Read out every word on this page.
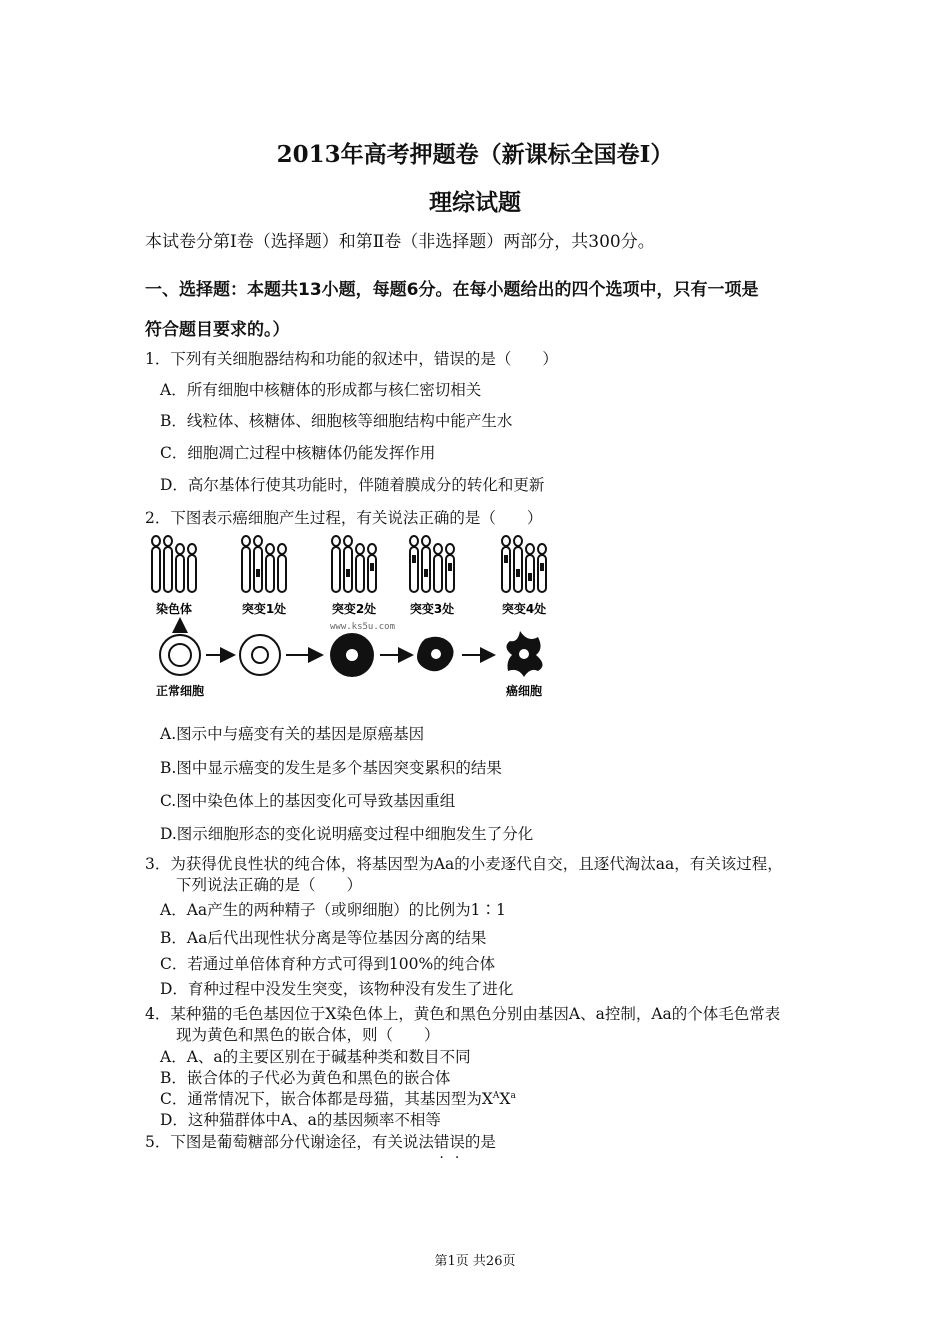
2013年高考押题卷（新课标全国卷Ⅰ）
理综试题
本试卷分第Ⅰ卷（选择题）和第Ⅱ卷（非选择题）两部分，共300分。
一、选择题：本题共13小题，每题6分。在每小题给出的四个选项中，只有一项是
符合题目要求的。）
1．下列有关细胞器结构和功能的叙述中，错误的是（　　）
A．所有细胞中核糖体的形成都与核仁密切相关
B．线粒体、核糖体、细胞核等细胞结构中能产生水
C．细胞凋亡过程中核糖体仍能发挥作用
D．高尔基体行使其功能时，伴随着膜成分的转化和更新
2．下图表示癌细胞产生过程，有关说法正确的是（　　）
染色体	突变1处	突变2处	突变3处	突变4处
www.ks5u.com
正常细胞	癌细胞
A.图示中与癌变有关的基因是原癌基因
B.图中显示癌变的发生是多个基因突变累积的结果
C.图中染色体上的基因变化可导致基因重组
D.图示细胞形态的变化说明癌变过程中细胞发生了分化
3．为获得优良性状的纯合体，将基因型为Aa的小麦逐代自交，且逐代淘汰aa，有关该过程，
下列说法正确的是（　　）
A．Aa产生的两种精子（或卵细胞）的比例为1∶1
B．Aa后代出现性状分离是等位基因分离的结果
C．若通过单倍体育种方式可得到100%的纯合体
D．育种过程中没发生突变，该物种没有发生了进化
4．某种猫的毛色基因位于X染色体上，黄色和黑色分别由基因A、a控制，Aa的个体毛色常表
现为黄色和黑色的嵌合体，则（　　）
A．A、a的主要区别在于碱基种类和数目不同
B．嵌合体的子代必为黄色和黑色的嵌合体
C．通常情况下，嵌合体都是母猫，其基因型为$X^AX^a$
D．这种猫群体中A、a的基因频率不相等
5．下图是葡萄糖部分代谢途径，有关说法错误的是
第1页 共26页
